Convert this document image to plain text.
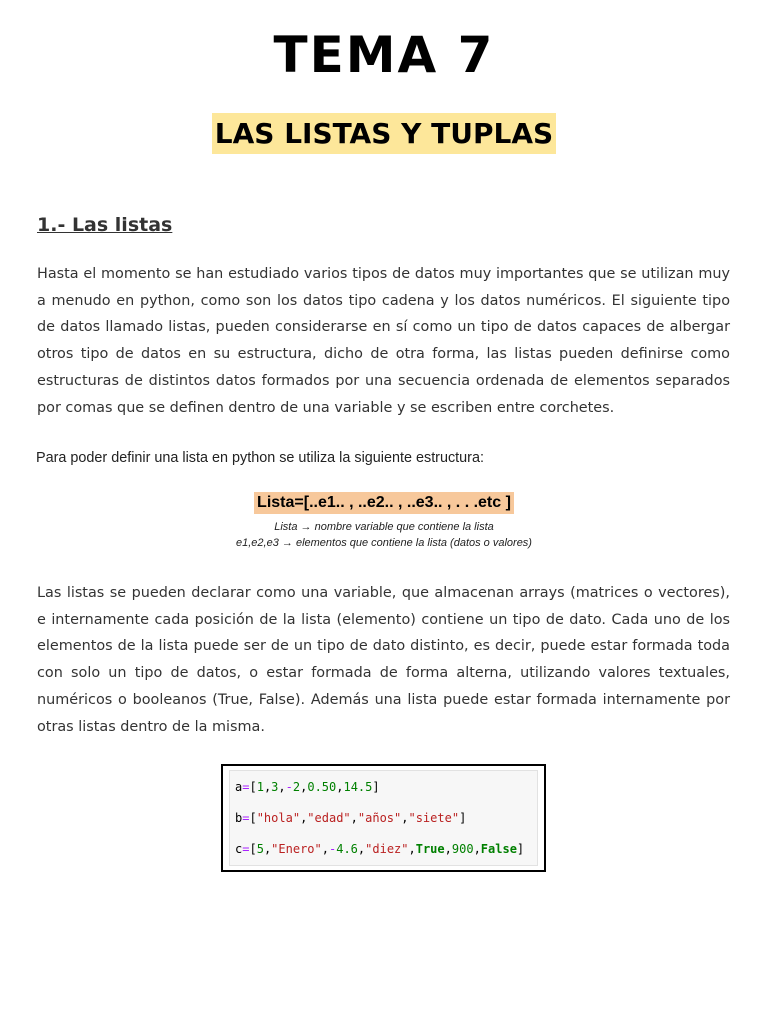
TEMA 7
LAS LISTAS Y TUPLAS
1.- Las listas

Hasta el momento se han estudiado varios tipos de datos muy importantes que se utilizan muy a menudo en python, como son los datos tipo cadena y los datos numéricos. El siguiente tipo de datos llamado listas, pueden considerarse en sí como un tipo de datos capaces de albergar otros tipo de datos en su estructura, dicho de otra forma, las listas pueden definirse como estructuras de distintos datos formados por una secuencia ordenada de elementos separados por comas que se definen dentro de una variable y se escriben entre corchetes.

Para poder definir una lista en python se utiliza la siguiente estructura:

Lista=[..e1.. , ..e2.. , ..e3.. , . . .etc ]

Lista → nombre variable que contiene la lista

e1,e2,e3 → elementos que contiene la lista (datos o valores)

Las listas se pueden declarar como una variable, que almacenan arrays (matrices o vectores), e internamente cada posición de la lista (elemento) contiene un tipo de dato. Cada uno de los elementos de la lista puede ser de un tipo de dato distinto, es decir, puede estar formada toda con solo un tipo de datos, o estar formada de forma alterna, utilizando valores textuales, numéricos o booleanos (True, False). Además una lista puede estar formada internamente por otras listas dentro de la misma.

a=[1,3,-2,0.50,14.5]
b=["hola","edad","años","siete"]
c=[5,"Enero",-4.6,"diez",True,900,False]
